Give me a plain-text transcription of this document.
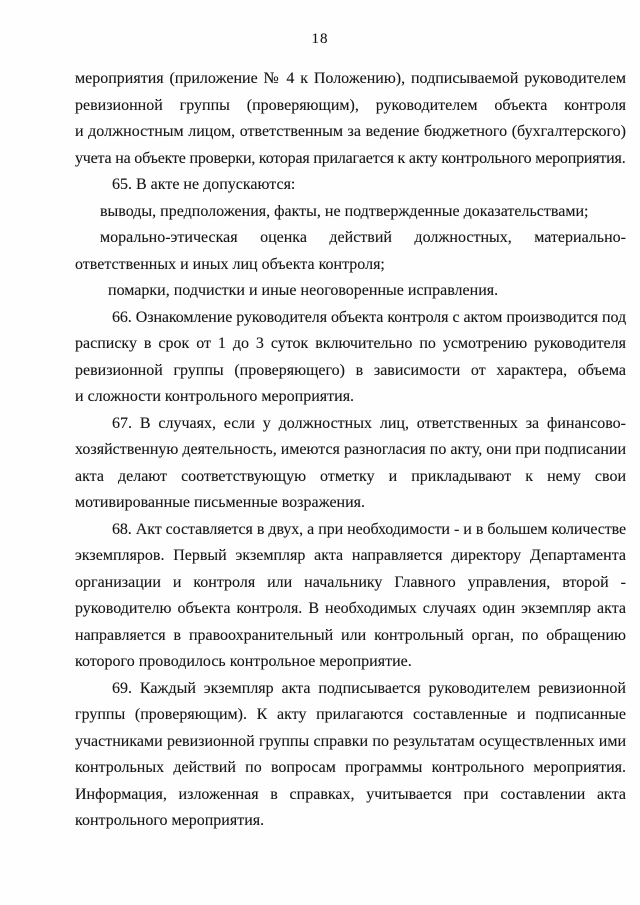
18
мероприятия (приложение № 4 к Положению), подписываемой руководителем
ревизионной группы (проверяющим), руководителем объекта контроля
и должностным лицом, ответственным за ведение бюджетного (бухгалтерского)
учета на объекте проверки, которая прилагается к акту контрольного мероприятия.
65. В акте не допускаются:
выводы, предположения, факты, не подтвержденные доказательствами;
морально-этическая оценка действий должностных, материально-
ответственных и иных лиц объекта контроля;
помарки, подчистки и иные неоговоренные исправления.
66. Ознакомление руководителя объекта контроля с актом производится под
расписку в срок от 1 до 3 суток включительно по усмотрению руководителя
ревизионной группы (проверяющего) в зависимости от характера, объема
и сложности контрольного мероприятия.
67. В случаях, если у должностных лиц, ответственных за финансово-
хозяйственную деятельность, имеются разногласия по акту, они при подписании
акта делают соответствующую отметку и прикладывают к нему свои
мотивированные письменные возражения.
68. Акт составляется в двух, а при необходимости - и в большем количестве
экземпляров. Первый экземпляр акта направляется директору Департамента
организации и контроля или начальнику Главного управления, второй -
руководителю объекта контроля. В необходимых случаях один экземпляр акта
направляется в правоохранительный или контрольный орган, по обращению
которого проводилось контрольное мероприятие.
69. Каждый экземпляр акта подписывается руководителем ревизионной
группы (проверяющим). К акту прилагаются составленные и подписанные
участниками ревизионной группы справки по результатам осуществленных ими
контрольных действий по вопросам программы контрольного мероприятия.
Информация, изложенная в справках, учитывается при составлении акта
контрольного мероприятия.
